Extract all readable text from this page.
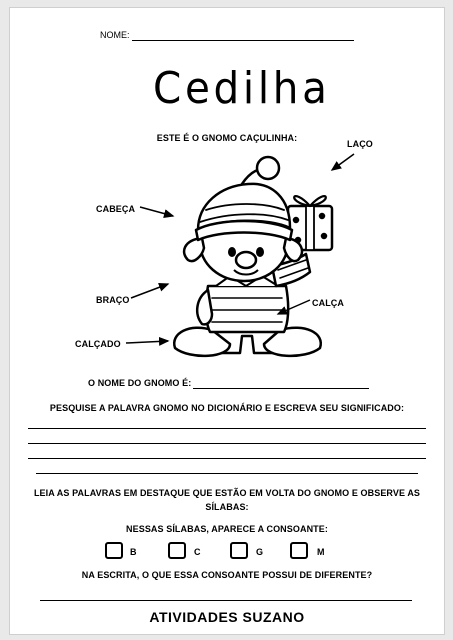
NOME:
Cedilha
ESTE É O GNOMO CAÇULINHA:
LAÇO
CABEÇA
BRAÇO	CALÇA
CALÇADO
O NOME DO GNOMO É:
PESQUISE A PALAVRA GNOMO NO DICIONÁRIO E ESCREVA SEU SIGNIFICADO:
LEIA AS PALAVRAS EM DESTAQUE QUE ESTÃO EM VOLTA DO GNOMO E OBSERVE AS
SÍLABAS:
NESSAS SÍLABAS, APARECE A CONSOANTE:
B	C	G	M
NA ESCRITA, O QUE ESSA CONSOANTE POSSUI DE DIFERENTE?
ATIVIDADES SUZANO
